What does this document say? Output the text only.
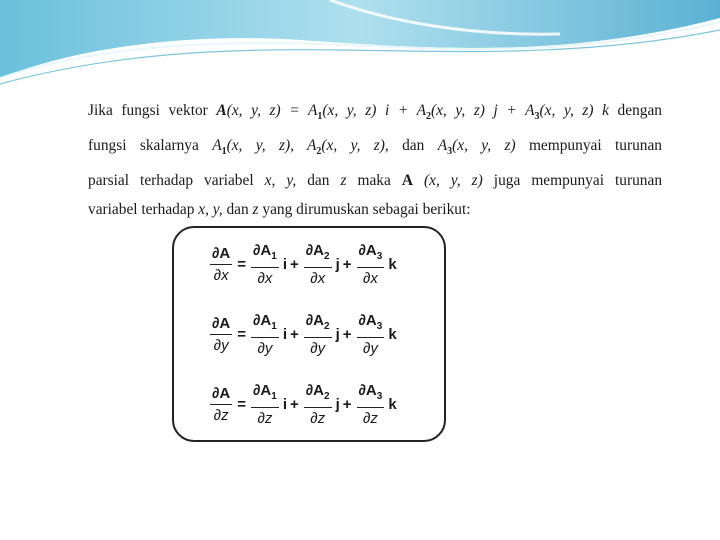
Jika fungsi vektor A(x, y, $z) = A_1(x$, y, z) $i + A_2(x$, y, z) $j + A_3(x$, y, z) k dengan
fungsi skalarnya $A_1(x$, y, z), $A_2(x$, y, z), dan $A_3(x$, y, z) mempunyai turunan
parsial terhadap variabel x, y, dan z maka A (x, y, z) juga mempunyai turunan
variabel terhadap x, y, dan z yang dirumuskan sebagai berikut:
$\frac{\partial A}{\partial x} = \frac{\partial A_1}{\partial x}$ $i + \frac{\partial A_2}{\partial x}$ $j + \frac{\partial A_3}{\partial x}$ k
$\frac{\partial A}{\partial y} = \frac{\partial A_1}{\partial y}$ $i + \frac{\partial A_2}{\partial y}$ $j + \frac{\partial A_3}{\partial y}$ k
$\frac{\partial A}{\partial z} = \frac{\partial A_1}{\partial z}$ $i + \frac{\partial A_2}{\partial z}$ $j + \frac{\partial A_3}{\partial z}$ k
